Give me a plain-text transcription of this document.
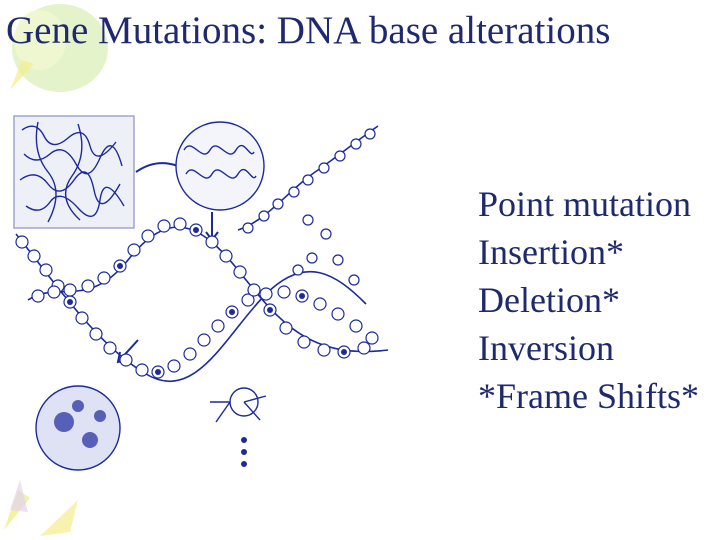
Gene Mutations: DNA base alterations
Point mutation
Insertion*
Deletion*
Inversion
*Frame Shifts*
